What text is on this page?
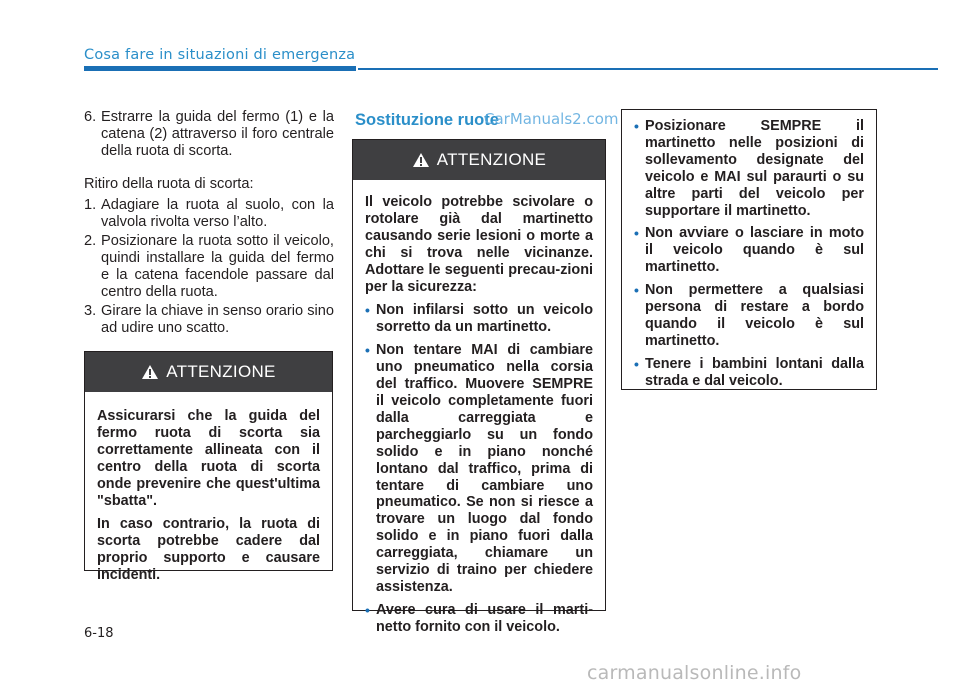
Cosa fare in situazioni di emergenza
6. Estrarre la guida del fermo (1) e la catena (2) attraverso il foro centrale della ruota di scorta.

Ritiro della ruota di scorta:

1. Adagiare la ruota al suolo, con la valvola rivolta verso l’alto.
2. Posizionare la ruota sotto il veicolo, quindi installare la guida del fermo e la catena facendole passare dal centro della ruota.
3. Girare la chiave in senso orario sino ad udire uno scatto.
ATTENZIONE

Assicurarsi che la guida del fermo ruota di scorta sia correttamente allineata con il centro della ruota di scorta onde prevenire che quest'ultima "sbatta".

In caso contrario, la ruota di scorta potrebbe cadere dal proprio supporto e causare incidenti.

Sostituzione ruote
CarManuals2.com
ATTENZIONE

Il veicolo potrebbe scivolare o rotolare già dal martinetto causando serie lesioni o morte a chi si trova nelle vicinanze. Adottare le seguenti precau-zioni per la sicurezza:

• Non infilarsi sotto un veicolo sorretto da un martinetto.
• Non tentare MAI di cambiare uno pneumatico nella corsia del traffico. Muovere SEMPRE il veicolo completamente fuori dalla carreggiata e parcheggiarlo su un fondo solido e in piano nonché lontano dal traffico, prima di tentare di cambiare uno pneumatico. Se non si riesce a trovare un luogo dal fondo solido e in piano fuori dalla carreggiata, chiamare un servizio di traino per chiedere assistenza.
• Avere cura di usare il marti-netto fornito con il veicolo.
• Posizionare SEMPRE il martinetto nelle posizioni di sollevamento designate del veicolo e MAI sul paraurti o su altre parti del veicolo per supportare il martinetto.
• Non avviare o lasciare in moto il veicolo quando è sul martinetto.
• Non permettere a qualsiasi persona di restare a bordo quando il veicolo è sul martinetto.
• Tenere i bambini lontani dalla strada e dal veicolo.
6-18
carmanualsonline.info
